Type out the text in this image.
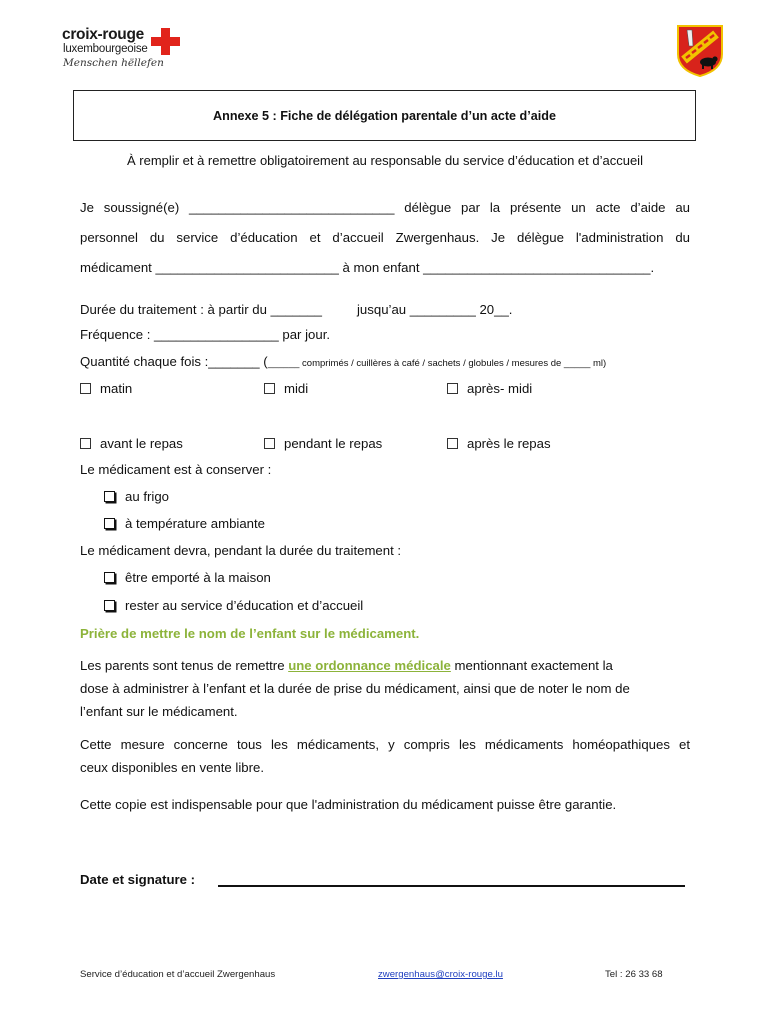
croix-rouge
luxembourgeoise
Menschen hëllefen
Annexe 5 : Fiche de délégation parentale d’un acte d’aide
À remplir et à remettre obligatoirement au responsable du service d’éducation et d’accueil
Je soussigné(e) ____________________________ délègue par la présente un acte d’aide au
personnel du service d’éducation et d’accueil Zwergenhaus. Je délègue l'administration du
médicament _________________________ à mon enfant _______________________________.
Durée du traitement : à partir du _______	jusqu’au _________ 20__.
Fréquence : _________________ par jour.
Quantité chaque fois :_______ (______ comprimés / cuillères à café / sachets / globules / mesures de _____ ml)
matin	midi	après- midi
avant le repas	pendant le repas	après le repas
Le médicament est à conserver :
au frigo
à température ambiante
Le médicament devra, pendant la durée du traitement :
être emporté à la maison
rester au service d’éducation et d’accueil
Prière de mettre le nom de l’enfant sur le médicament.
Les parents sont tenus de remettre une ordonnance médicale mentionnant exactement la
dose à administrer à l’enfant et la durée de prise du médicament, ainsi que de noter le nom de
l’enfant sur le médicament.
Cette mesure concerne tous les médicaments, y compris les médicaments homéopathiques et
ceux disponibles en vente libre.
Cette copie est indispensable pour que l'administration du médicament puisse être garantie.
Date et signature :
Service d’éducation et d’accueil Zwergenhaus	zwergenhaus@croix-rouge.lu	Tel : 26 33 68
